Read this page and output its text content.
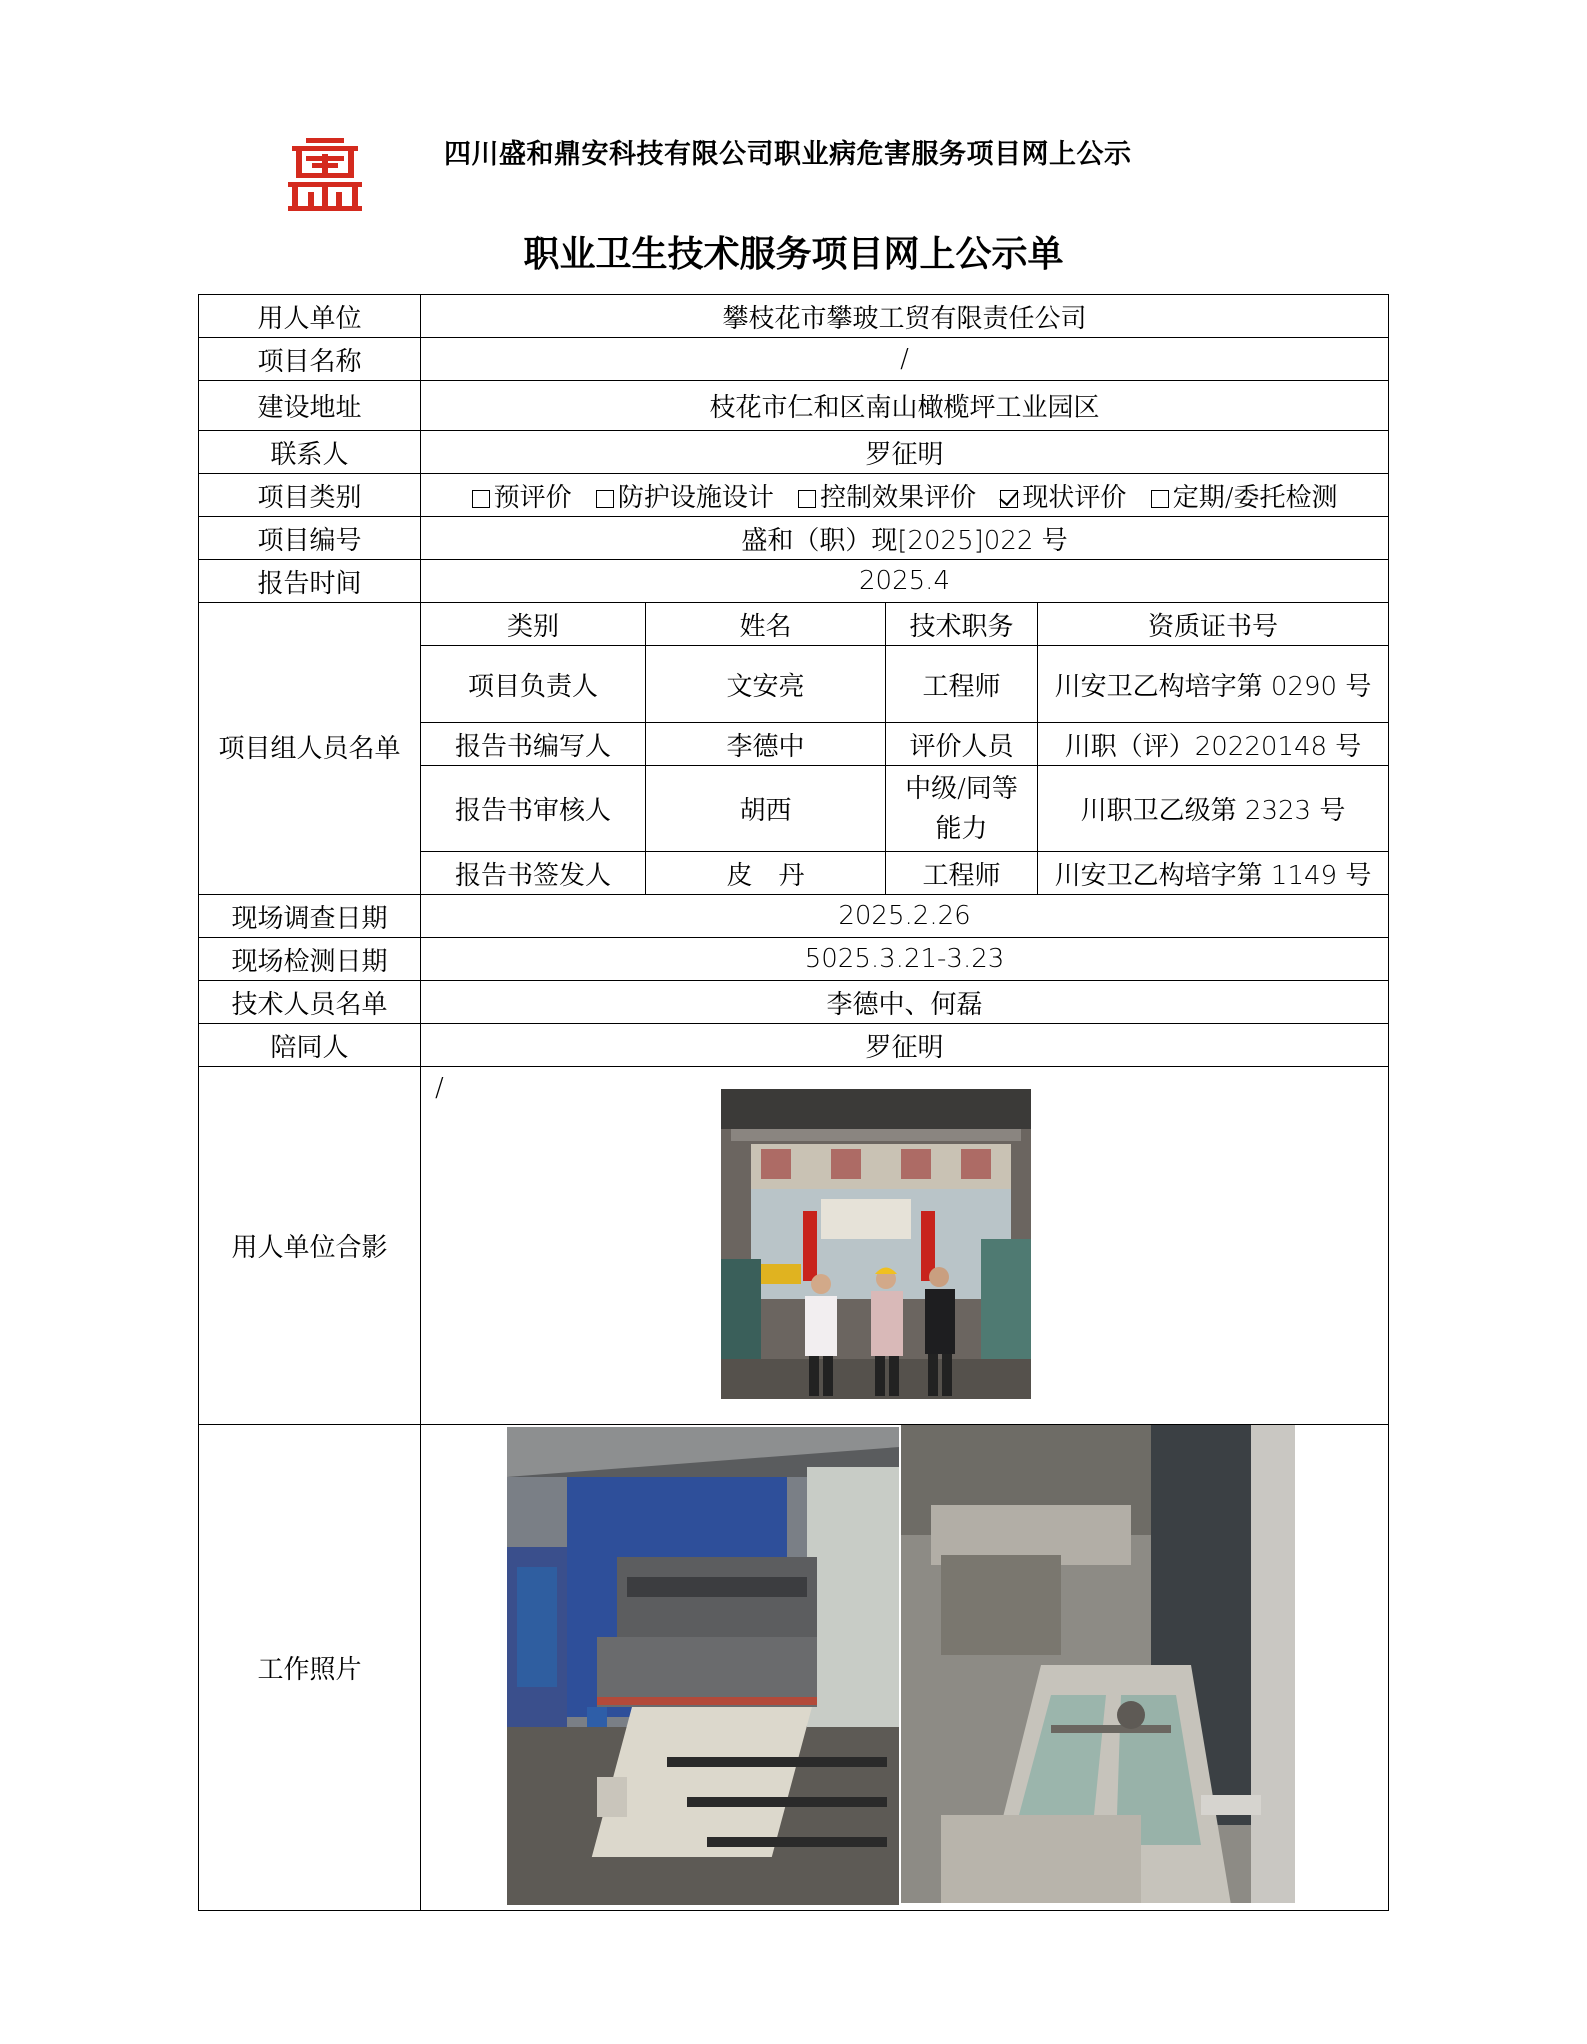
四川盛和鼎安科技有限公司职业病危害服务项目网上公示
职业卫生技术服务项目网上公示单
用人单位	攀枝花市攀玻工贸有限责任公司			
项目名称	/			
建设地址	枝花市仁和区南山橄榄坪工业园区			
联系人	罗征明			
项目类别	预评价 防护设施设计 控制效果评价 现状评价 定期/委托检测			
项目编号	盛和（职）现[2025]022 号			
报告时间	2025.4			
项目组人员名单	类别	姓名	技术职务	资质证书号
	项目负责人	文安亮	工程师	川安卫乙构培字第 0290 号
	报告书编写人	李德中	评价人员	川职（评）20220148 号
	报告书审核人	胡西	中级/同等能力	川职卫乙级第 2323 号
	报告书签发人	皮　丹	工程师	川安卫乙构培字第 1149 号
现场调查日期	2025.2.26			
现场检测日期	5025.3.21-3.23			
技术人员名单	李德中、何磊			
陪同人	罗征明			
用人单位合影	/			

工作照片	
